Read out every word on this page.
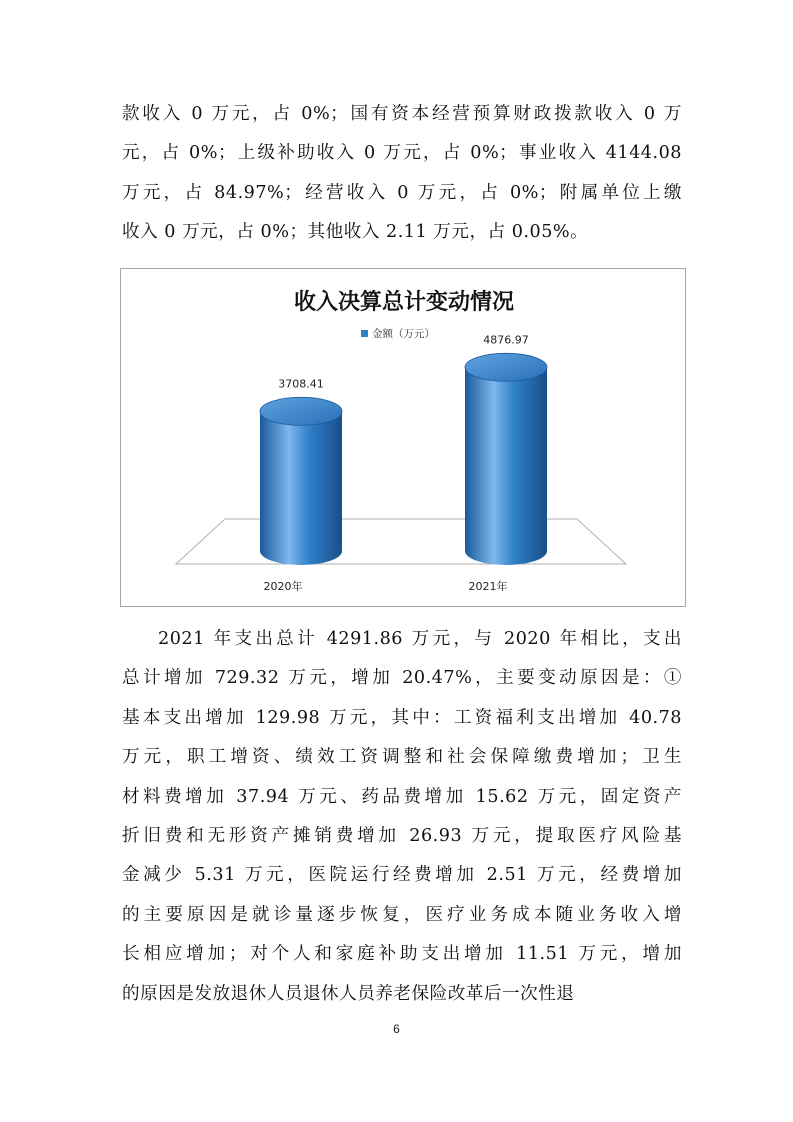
款收入 0 万元，占 0%；国有资本经营预算财政拨款收入 0 万
元，占 0%；上级补助收入 0 万元，占 0%；事业收入 4144.08
万元，占 84.97%；经营收入 0 万元，占 0%；附属单位上缴
收入 0 万元，占 0%；其他收入 2.11 万元，占 0.05%。
收入决算总计变动情况
金额（万元）
3708.41
2020年
4876.97
2021年
2021 年支出总计 4291.86 万元，与 2020 年相比，支出
总计增加 729.32 万元，增加 20.47%，主要变动原因是：①
基本支出增加 129.98 万元，其中：工资福利支出增加 40.78
万元，职工增资、绩效工资调整和社会保障缴费增加；卫生
材料费增加 37.94 万元、药品费增加 15.62 万元，固定资产
折旧费和无形资产摊销费增加 26.93 万元，提取医疗风险基
金减少 5.31 万元，医院运行经费增加 2.51 万元，经费增加
的主要原因是就诊量逐步恢复，医疗业务成本随业务收入增
长相应增加；对个人和家庭补助支出增加 11.51 万元，增加
的原因是发放退休人员退休人员养老保险改革后一次性退
6
